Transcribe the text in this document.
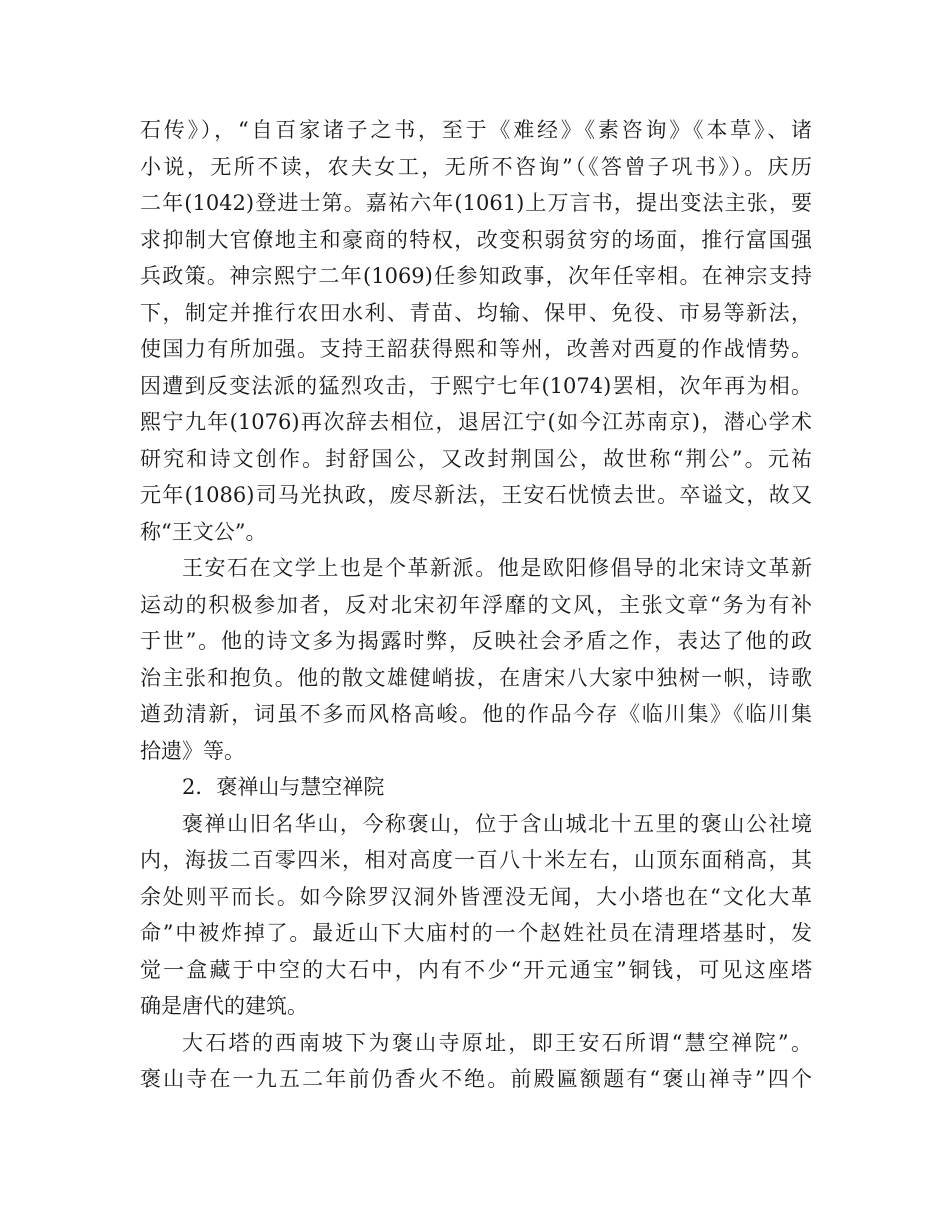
石传》），“自百家诸子之书，至于《难经》《素咨询》《本草》、诸
小说，无所不读，农夫女工，无所不咨询”（《答曾子巩书》）。庆历
二年(1042)登进士第。嘉祐六年(1061)上万言书，提出变法主张，要
求抑制大官僚地主和豪商的特权，改变积弱贫穷的场面，推行富国强
兵政策。神宗熙宁二年(1069)任参知政事，次年任宰相。在神宗支持
下，制定并推行农田水利、青苗、均输、保甲、免役、市易等新法，
使国力有所加强。支持王韶获得熙和等州，改善对西夏的作战情势。
因遭到反变法派的猛烈攻击，于熙宁七年(1074)罢相，次年再为相。
熙宁九年(1076)再次辞去相位，退居江宁(如今江苏南京)，潜心学术
研究和诗文创作。封舒国公，又改封荆国公，故世称“荆公”。元祐
元年(1086)司马光执政，废尽新法，王安石忧愤去世。卒谥文，故又
称“王文公”。
王安石在文学上也是个革新派。他是欧阳修倡导的北宋诗文革新
运动的积极参加者，反对北宋初年浮靡的文风，主张文章“务为有补
于世”。他的诗文多为揭露时弊，反映社会矛盾之作，表达了他的政
治主张和抱负。他的散文雄健峭拔，在唐宋八大家中独树一帜，诗歌
遒劲清新，词虽不多而风格高峻。他的作品今存《临川集》《临川集
拾遗》等。
2．褒禅山与慧空禅院
褒禅山旧名华山，今称褒山，位于含山城北十五里的褒山公社境
内，海拔二百零四米，相对高度一百八十米左右，山顶东面稍高，其
余处则平而长。如今除罗汉洞外皆湮没无闻，大小塔也在“文化大革
命”中被炸掉了。最近山下大庙村的一个赵姓社员在清理塔基时，发
觉一盒藏于中空的大石中，内有不少“开元通宝”铜钱，可见这座塔
确是唐代的建筑。
大石塔的西南坡下为褒山寺原址，即王安石所谓“慧空禅院”。
褒山寺在一九五二年前仍香火不绝。前殿匾额题有“褒山禅寺”四个
